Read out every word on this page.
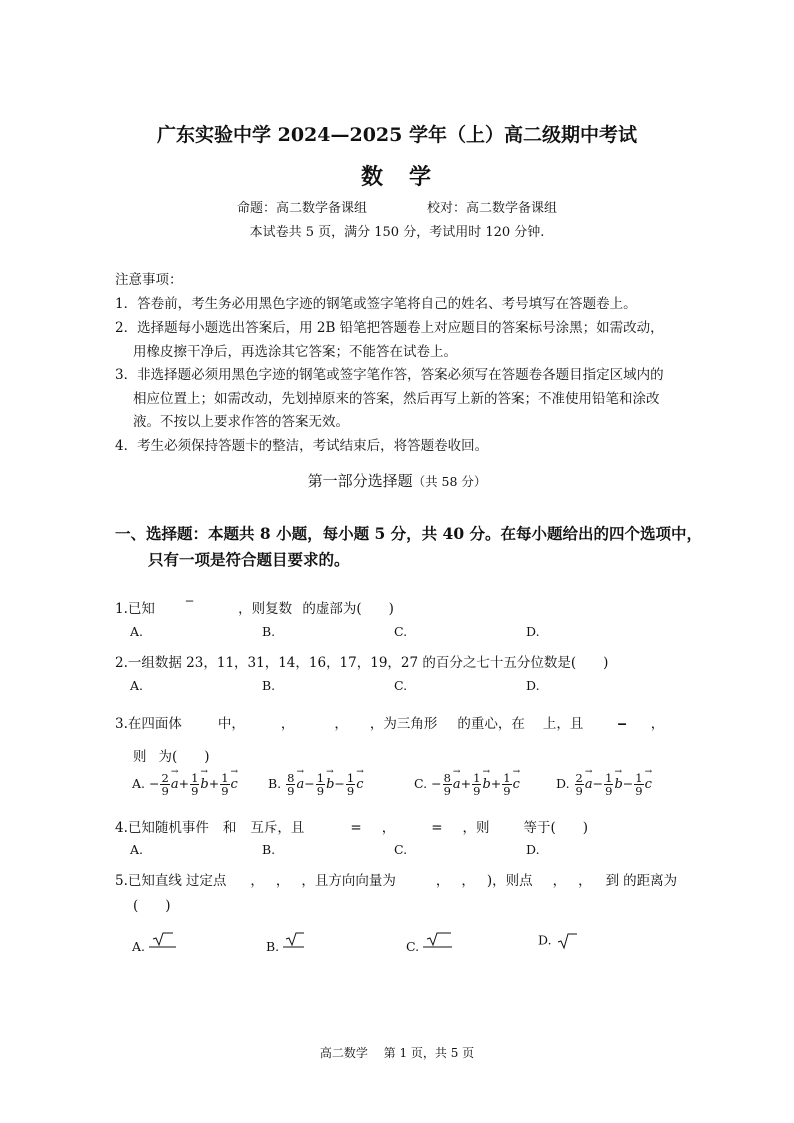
广东实验中学 2024—2025 学年（上）高二级期中考试
数　学
命题：高二数学备课组	校对：高二数学备课组
本试卷共 5 页，满分 150 分，考试用时 120 分钟.
注意事项：
1．答卷前，考生务必用黑色字迹的钢笔或签字笔将自己的姓名、考号填写在答题卷上。
2．选择题每小题选出答案后，用 2B 铅笔把答题卷上对应题目的答案标号涂黑；如需改动，
用橡皮擦干净后，再选涂其它答案；不能答在试卷上。
3．非选择题必须用黑色字迹的钢笔或签字笔作答，答案必须写在答题卷各题目指定区域内的
相应位置上；如需改动，先划掉原来的答案，然后再写上新的答案；不准使用铅笔和涂改
液。不按以上要求作答的答案无效。
4．考生必须保持答题卡的整洁，考试结束后，将答题卷收回。
第一部分选择题（共 58 分）
一、选择题：本题共 8 小题，每小题 5 分，共 40 分。在每小题给出的四个选项中，
只有一项是符合题目要求的。
1.已知 ‒	，则复数 的虚部为(　　)
A.	B.	C.	D.
2.一组数据 23，11，31，14，16，17，19，27 的百分之七十五分位数是(　　)
A.	B.	C.	D.
3.在四面体	中，	，	， ，为三角形 的重心，在 上，且	‒ ，
则 为(　　)
A. − $\frac{2}{9}$
→ $a+ \frac{1}{9}$
→ $b+ \frac{1}{9}$
→ c B. $\frac{8}{9}$
→ $a- \frac{1}{9}$
→ $b- \frac{1}{9}$
→ c	C. − $\frac{8}{9}$
→ $a+ \frac{1}{9}$
→ $b+ \frac{1}{9}$
→ c	D. $\frac{2}{9}$
→ $a- \frac{1}{9}$
→ $b- \frac{1}{9}$
→ c
4.已知随机事件 和 互斥，且	= ，	= ，则	等于(　　)
A.	B.	C.	D.
5.已知直线 过定点 ， ， ，且方向向量为	， ， )，则点 ， ， 到 的距离为
(　　)
A.	B.	C.	D.
高二数学　 第 1 页，共 5 页
